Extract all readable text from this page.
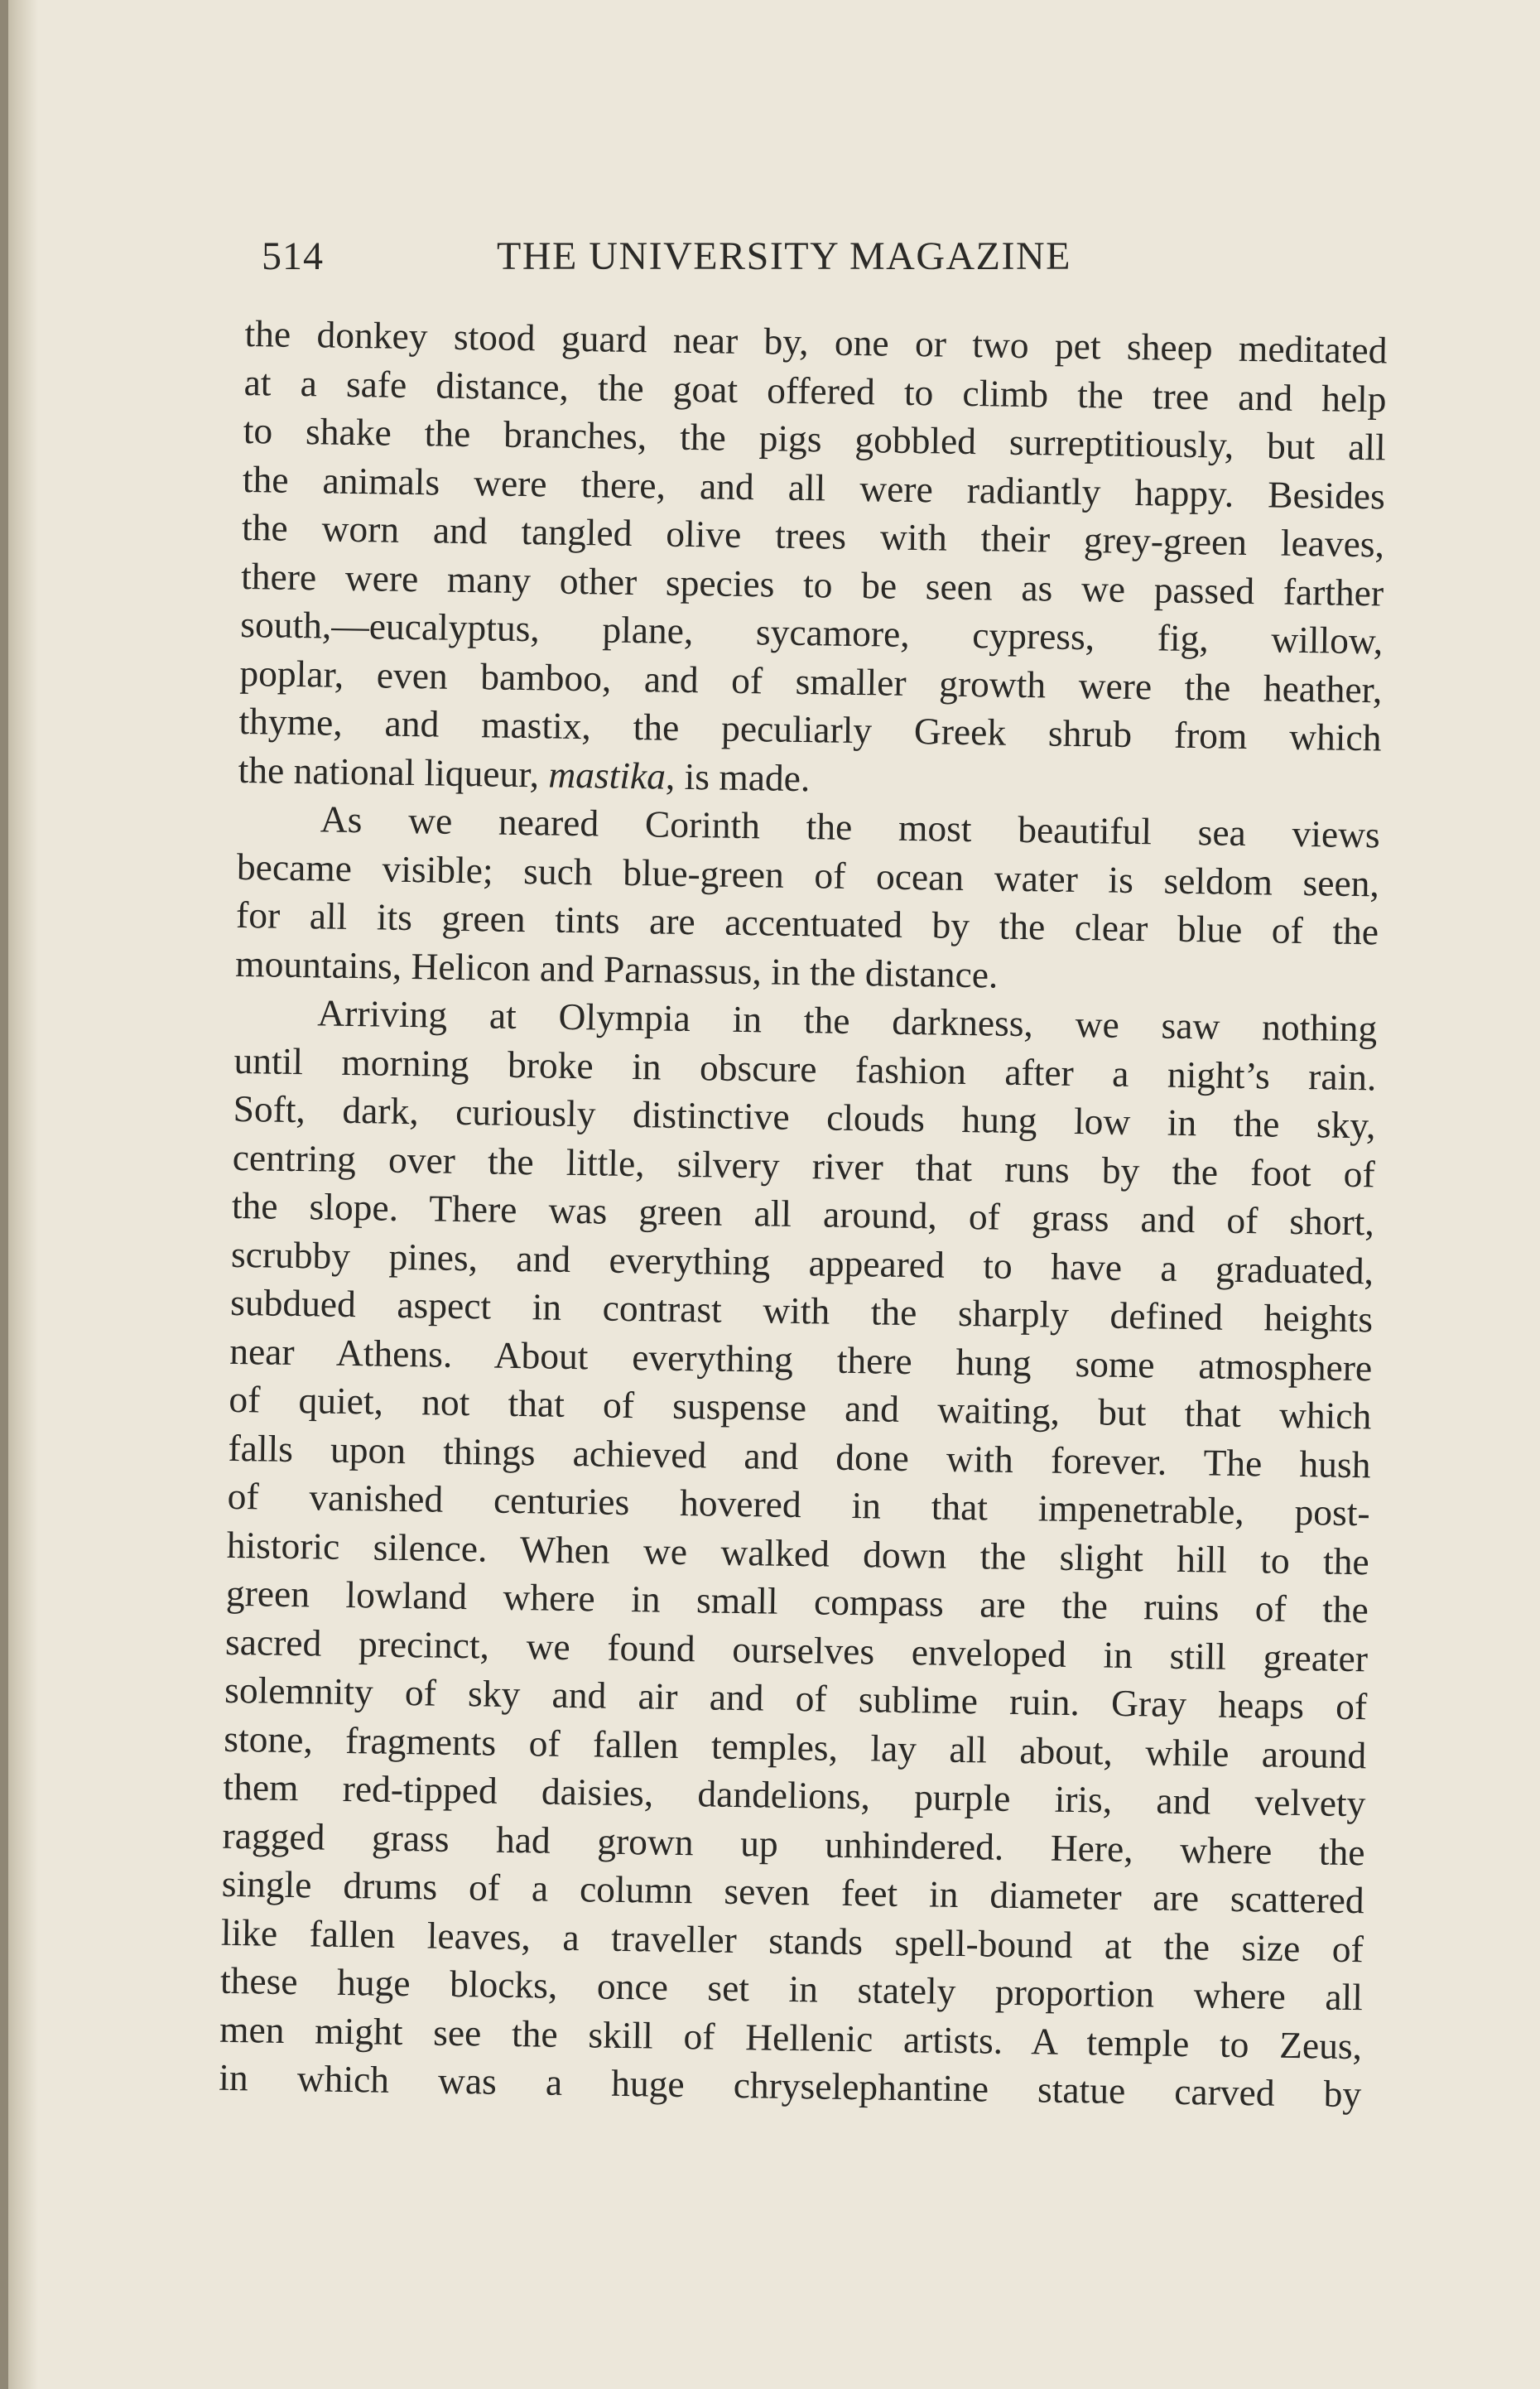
514	THE UNIVERSITY MAGAZINE
the donkey stood guard near by, one or two pet sheep meditated
at a safe distance, the goat offered to climb the tree and help
to shake the branches, the pigs gobbled surreptitiously, but all
the animals were there, and all were radiantly happy. Besides
the worn and tangled olive trees with their grey-green leaves,
there were many other species to be seen as we passed farther
south,—eucalyptus, plane, sycamore, cypress, fig, willow,
poplar, even bamboo, and of smaller growth were the heather,
thyme, and mastix, the peculiarly Greek shrub from which
the national liqueur, mastika, is made.
As we neared Corinth the most beautiful sea views
became visible; such blue-green of ocean water is seldom seen,
for all its green tints are accentuated by the clear blue of the
mountains, Helicon and Parnassus, in the distance.
Arriving at Olympia in the darkness, we saw nothing
until morning broke in obscure fashion after a night’s rain.
Soft, dark, curiously distinctive clouds hung low in the sky,
centring over the little, silvery river that runs by the foot of
the slope. There was green all around, of grass and of short,
scrubby pines, and everything appeared to have a graduated,
subdued aspect in contrast with the sharply defined heights
near Athens. About everything there hung some atmosphere
of quiet, not that of suspense and waiting, but that which
falls upon things achieved and done with forever. The hush
of vanished centuries hovered in that impenetrable, post-
historic silence. When we walked down the slight hill to the
green lowland where in small compass are the ruins of the
sacred precinct, we found ourselves enveloped in still greater
solemnity of sky and air and of sublime ruin. Gray heaps of
stone, fragments of fallen temples, lay all about, while around
them red-tipped daisies, dandelions, purple iris, and velvety
ragged grass had grown up unhindered. Here, where the
single drums of a column seven feet in diameter are scattered
like fallen leaves, a traveller stands spell-bound at the size of
these huge blocks, once set in stately proportion where all
men might see the skill of Hellenic artists. A temple to Zeus,
in which was a huge chryselephantine statue carved by
